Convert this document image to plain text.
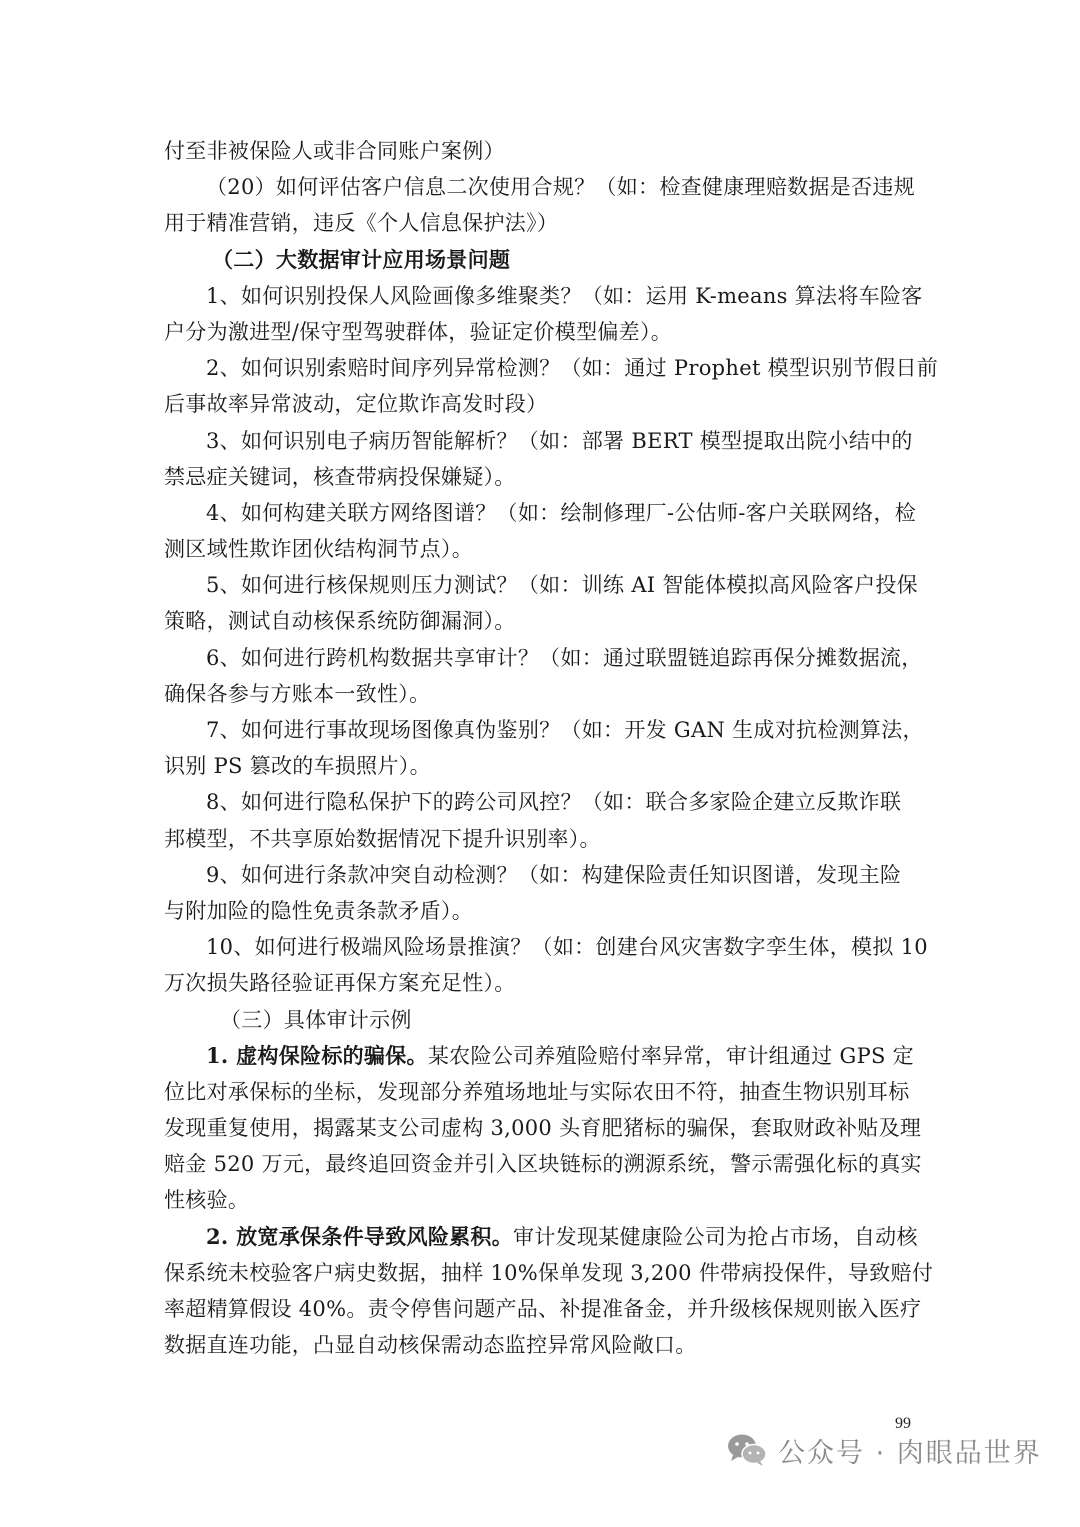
付至非被保险人或非合同账户案例）

（20）如何评估客户信息二次使用合规？（如：检查健康理赔数据是否违规

用于精准营销，违反《个人信息保护法》）

（二）大数据审计应用场景问题

1、如何识别投保人风险画像多维聚类？（如：运用 K-means 算法将车险客

户分为激进型/保守型驾驶群体，验证定价模型偏差）。

2、如何识别索赔时间序列异常检测？（如：通过 Prophet 模型识别节假日前

后事故率异常波动，定位欺诈高发时段）

3、如何识别电子病历智能解析？（如：部署 BERT 模型提取出院小结中的

禁忌症关键词，核查带病投保嫌疑）。

4、如何构建关联方网络图谱？（如：绘制修理厂-公估师-客户关联网络，检

测区域性欺诈团伙结构洞节点）。

5、如何进行核保规则压力测试？（如：训练 AI 智能体模拟高风险客户投保

策略，测试自动核保系统防御漏洞）。

6、如何进行跨机构数据共享审计？（如：通过联盟链追踪再保分摊数据流，

确保各参与方账本一致性）。

7、如何进行事故现场图像真伪鉴别？（如：开发 GAN 生成对抗检测算法，

识别 PS 篡改的车损照片）。

8、如何进行隐私保护下的跨公司风控？（如：联合多家险企建立反欺诈联

邦模型，不共享原始数据情况下提升识别率）。

9、如何进行条款冲突自动检测？（如：构建保险责任知识图谱，发现主险

与附加险的隐性免责条款矛盾）。

10、如何进行极端风险场景推演？（如：创建台风灾害数字孪生体，模拟 10

万次损失路径验证再保方案充足性）。

（三）具体审计示例

1. 虚构保险标的骗保。某农险公司养殖险赔付率异常，审计组通过 GPS 定

位比对承保标的坐标，发现部分养殖场地址与实际农田不符，抽查生物识别耳标

发现重复使用，揭露某支公司虚构 3,000 头育肥猪标的骗保，套取财政补贴及理

赔金 520 万元，最终追回资金并引入区块链标的溯源系统，警示需强化标的真实

性核验。

2. 放宽承保条件导致风险累积。审计发现某健康险公司为抢占市场，自动核

保系统未校验客户病史数据，抽样 10%保单发现 3,200 件带病投保件，导致赔付

率超精算假设 40%。责令停售问题产品、补提准备金，并升级核保规则嵌入医疗

数据直连功能，凸显自动核保需动态监控异常风险敞口。

99
公众号 · 肉眼品世界
